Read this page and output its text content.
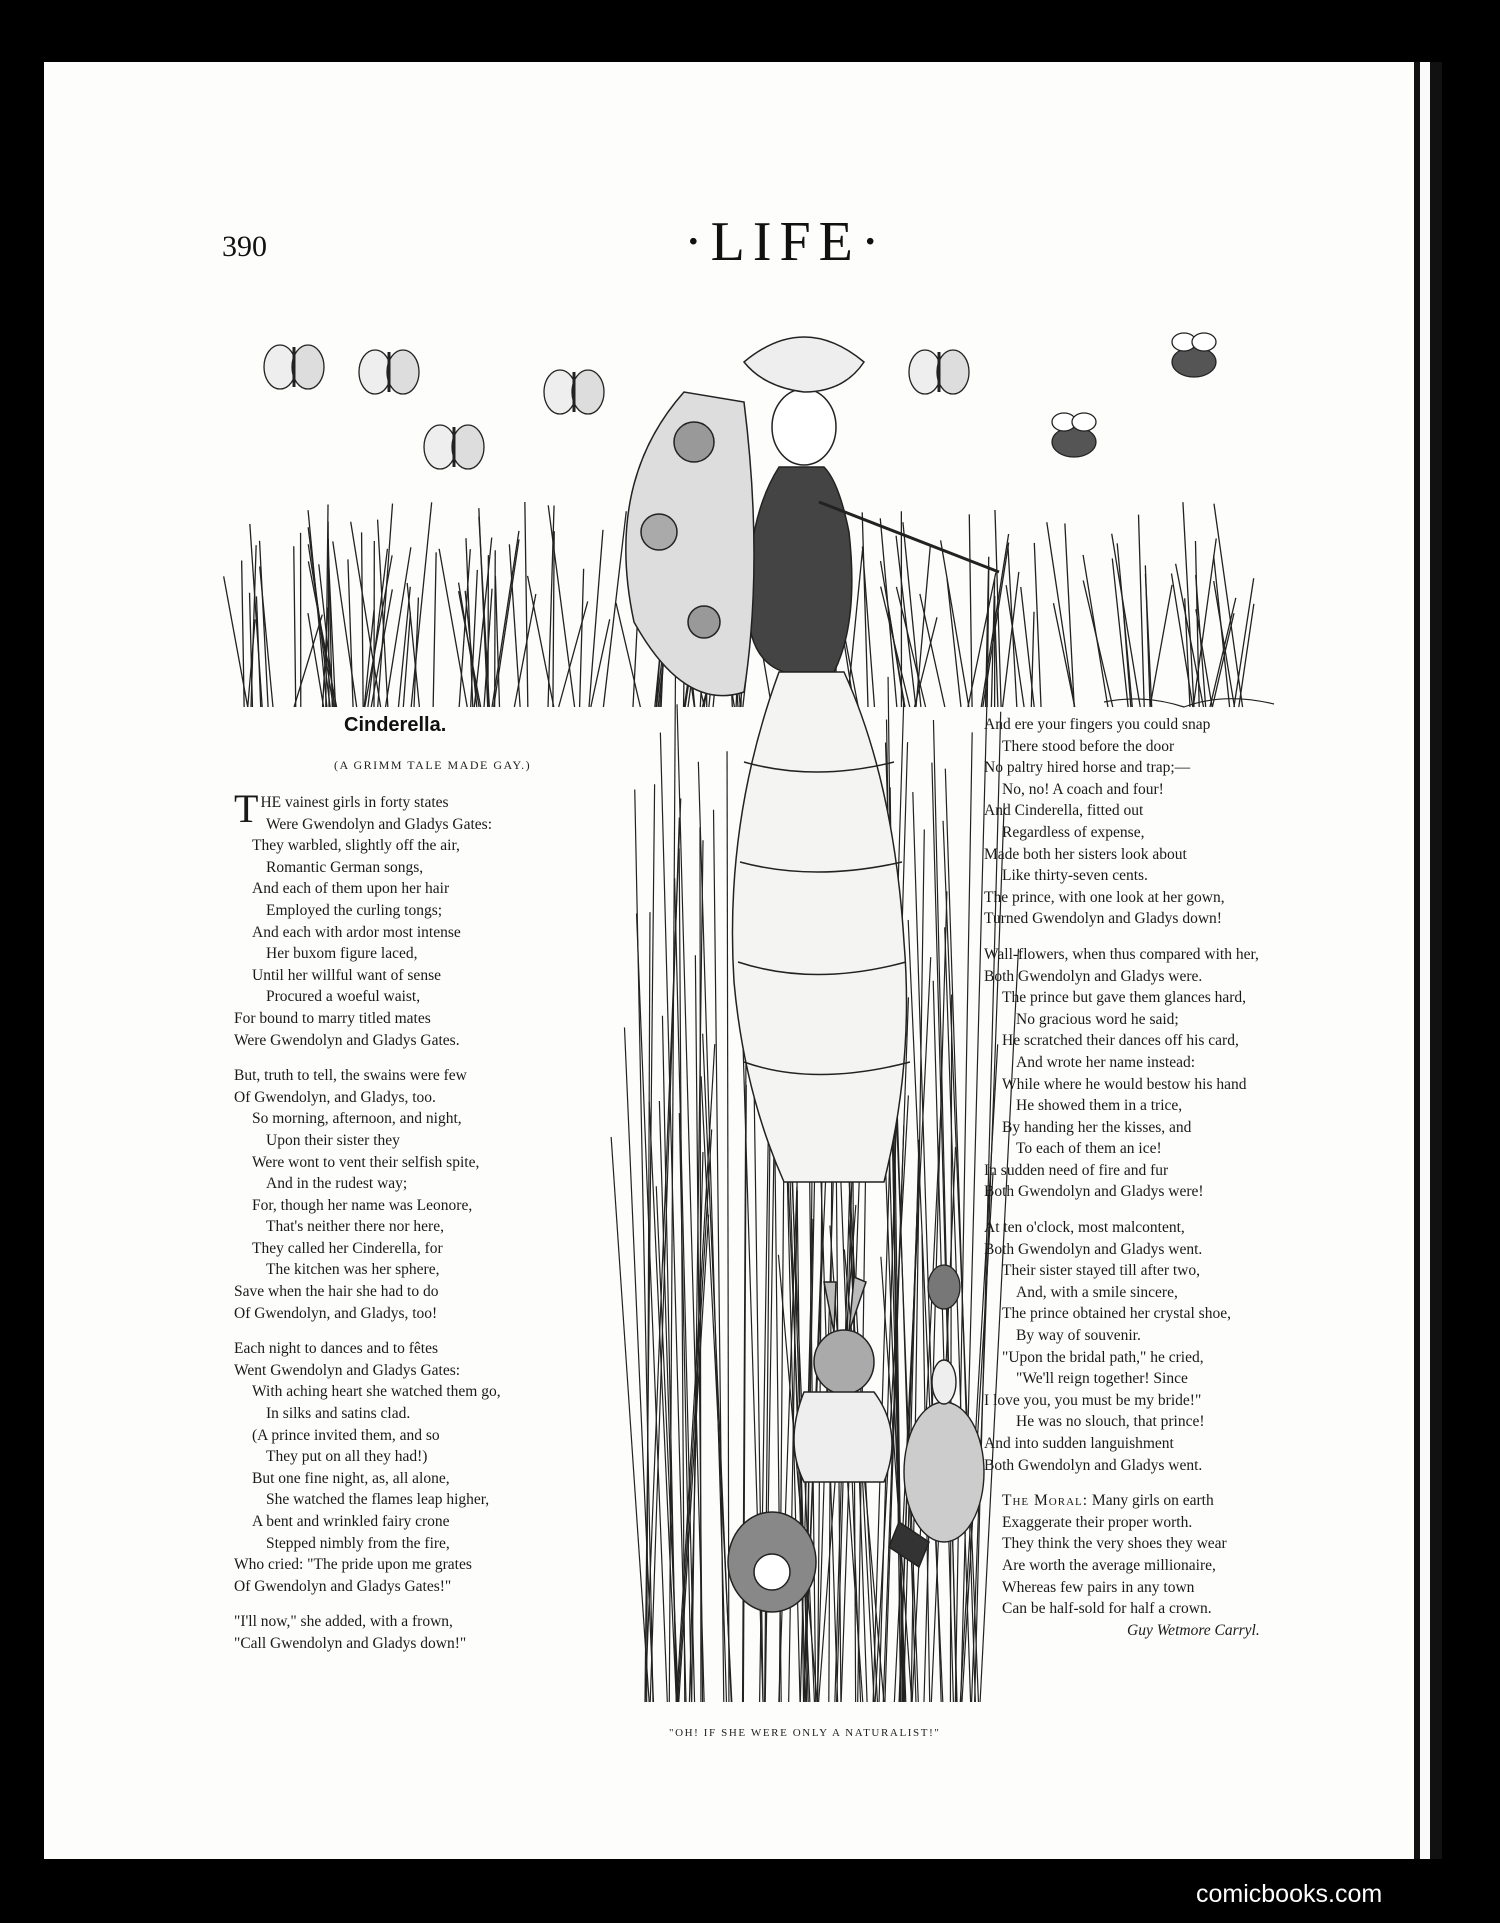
390	·LIFE·
Cinderella.
(A GRIMM TALE MADE GAY.)
THE vainest girls in forty states
Were Gwendolyn and Gladys Gates:
They warbled, slightly off the air,
Romantic German songs,
And each of them upon her hair
Employed the curling tongs;
And each with ardor most intense
Her buxom figure laced,
Until her willful want of sense
Procured a woeful waist,
For bound to marry titled mates
Were Gwendolyn and Gladys Gates.
But, truth to tell, the swains were few
Of Gwendolyn, and Gladys, too.
So morning, afternoon, and night,
Upon their sister they
Were wont to vent their selfish spite,
And in the rudest way;
For, though her name was Leonore,
That's neither there nor here,
They called her Cinderella, for
The kitchen was her sphere,
Save when the hair she had to do
Of Gwendolyn, and Gladys, too!
Each night to dances and to fêtes
Went Gwendolyn and Gladys Gates:
With aching heart she watched them go,
In silks and satins clad.
(A prince invited them, and so
They put on all they had!)
But one fine night, as, all alone,
She watched the flames leap higher,
A bent and wrinkled fairy crone
Stepped nimbly from the fire,
Who cried: "The pride upon me grates
Of Gwendolyn and Gladys Gates!"
"I'll now," she added, with a frown,
"Call Gwendolyn and Gladys down!"
And ere your fingers you could snap
There stood before the door
No paltry hired horse and trap;—
No, no! A coach and four!
And Cinderella, fitted out
Regardless of expense,
Made both her sisters look about
Like thirty-seven cents.
The prince, with one look at her gown,
Turned Gwendolyn and Gladys down!
Wall-flowers, when thus compared with her,
Both Gwendolyn and Gladys were.
The prince but gave them glances hard,
No gracious word he said;
He scratched their dances off his card,
And wrote her name instead:
While where he would bestow his hand
He showed them in a trice,
By handing her the kisses, and
To each of them an ice!
In sudden need of fire and fur
Both Gwendolyn and Gladys were!
At ten o'clock, most malcontent,
Both Gwendolyn and Gladys went.
Their sister stayed till after two,
And, with a smile sincere,
The prince obtained her crystal shoe,
By way of souvenir.
"Upon the bridal path," he cried,
"We'll reign together! Since
I love you, you must be my bride!"
He was no slouch, that prince!
And into sudden languishment
Both Gwendolyn and Gladys went.
The Moral: Many girls on earth
Exaggerate their proper worth.
They think the very shoes they wear
Are worth the average millionaire,
Whereas few pairs in any town
Can be half-sold for half a crown.
Guy Wetmore Carryl.
"OH! IF SHE WERE ONLY A NATURALIST!"
comicbooks.com
